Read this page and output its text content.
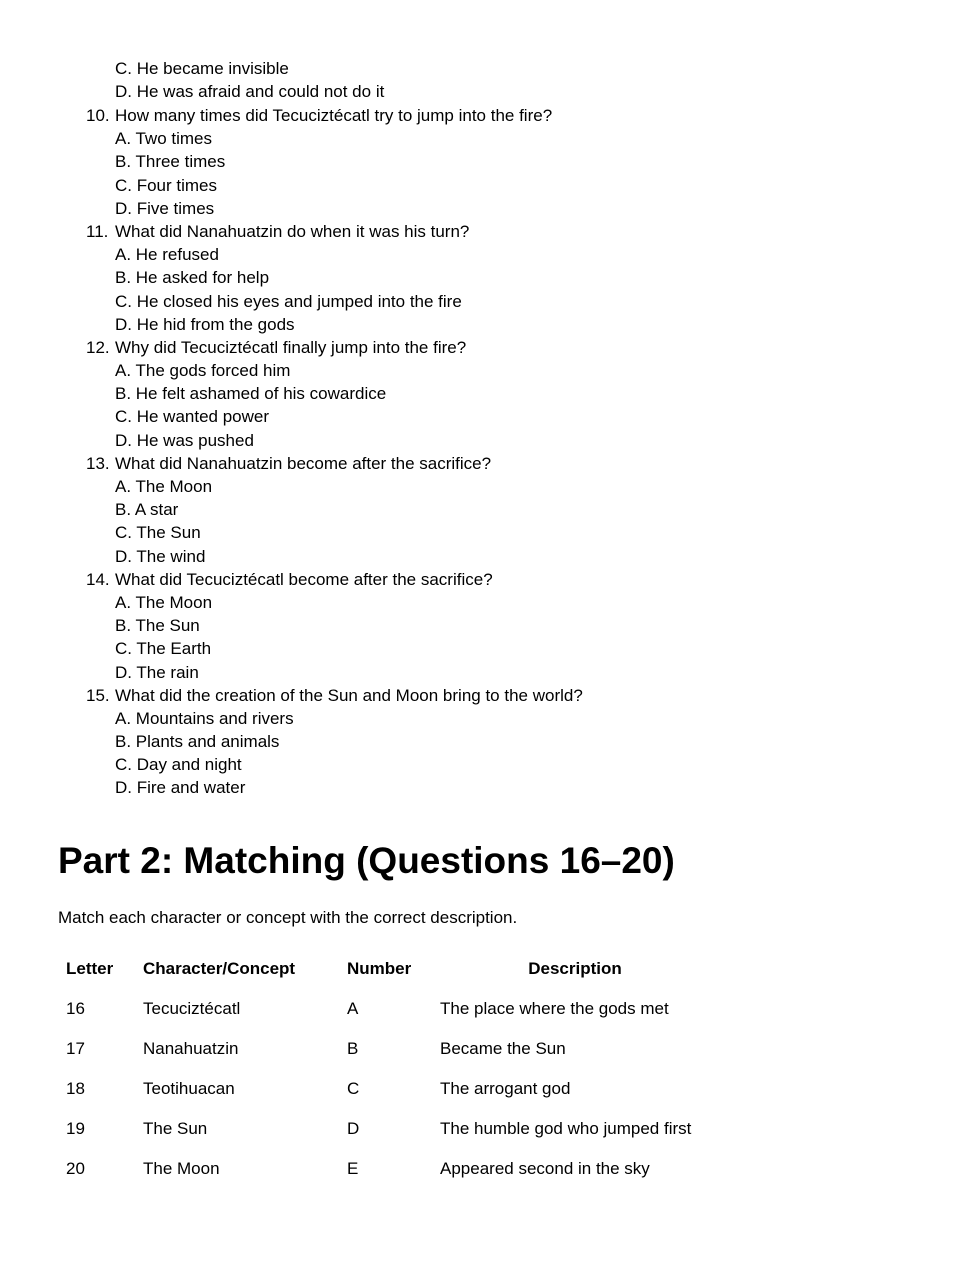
C. He became invisible
D. He was afraid and could not do it
10. How many times did Tecuciztécatl try to jump into the fire?
A. Two times
B. Three times
C. Four times
D. Five times
11. What did Nanahuatzin do when it was his turn?
A. He refused
B. He asked for help
C. He closed his eyes and jumped into the fire
D. He hid from the gods
12. Why did Tecuciztécatl finally jump into the fire?
A. The gods forced him
B. He felt ashamed of his cowardice
C. He wanted power
D. He was pushed
13. What did Nanahuatzin become after the sacrifice?
A. The Moon
B. A star
C. The Sun
D. The wind
14. What did Tecuciztécatl become after the sacrifice?
A. The Moon
B. The Sun
C. The Earth
D. The rain
15. What did the creation of the Sun and Moon bring to the world?
A. Mountains and rivers
B. Plants and animals
C. Day and night
D. Fire and water
Part 2: Matching (Questions 16–20)

Match each character or concept with the correct description.

Letter	Character/Concept	Number	Description
16	Tecuciztécatl	A	The place where the gods met
17	Nanahuatzin	B	Became the Sun
18	Teotihuacan	C	The arrogant god
19	The Sun	D	The humble god who jumped first
20	The Moon	E	Appeared second in the sky
